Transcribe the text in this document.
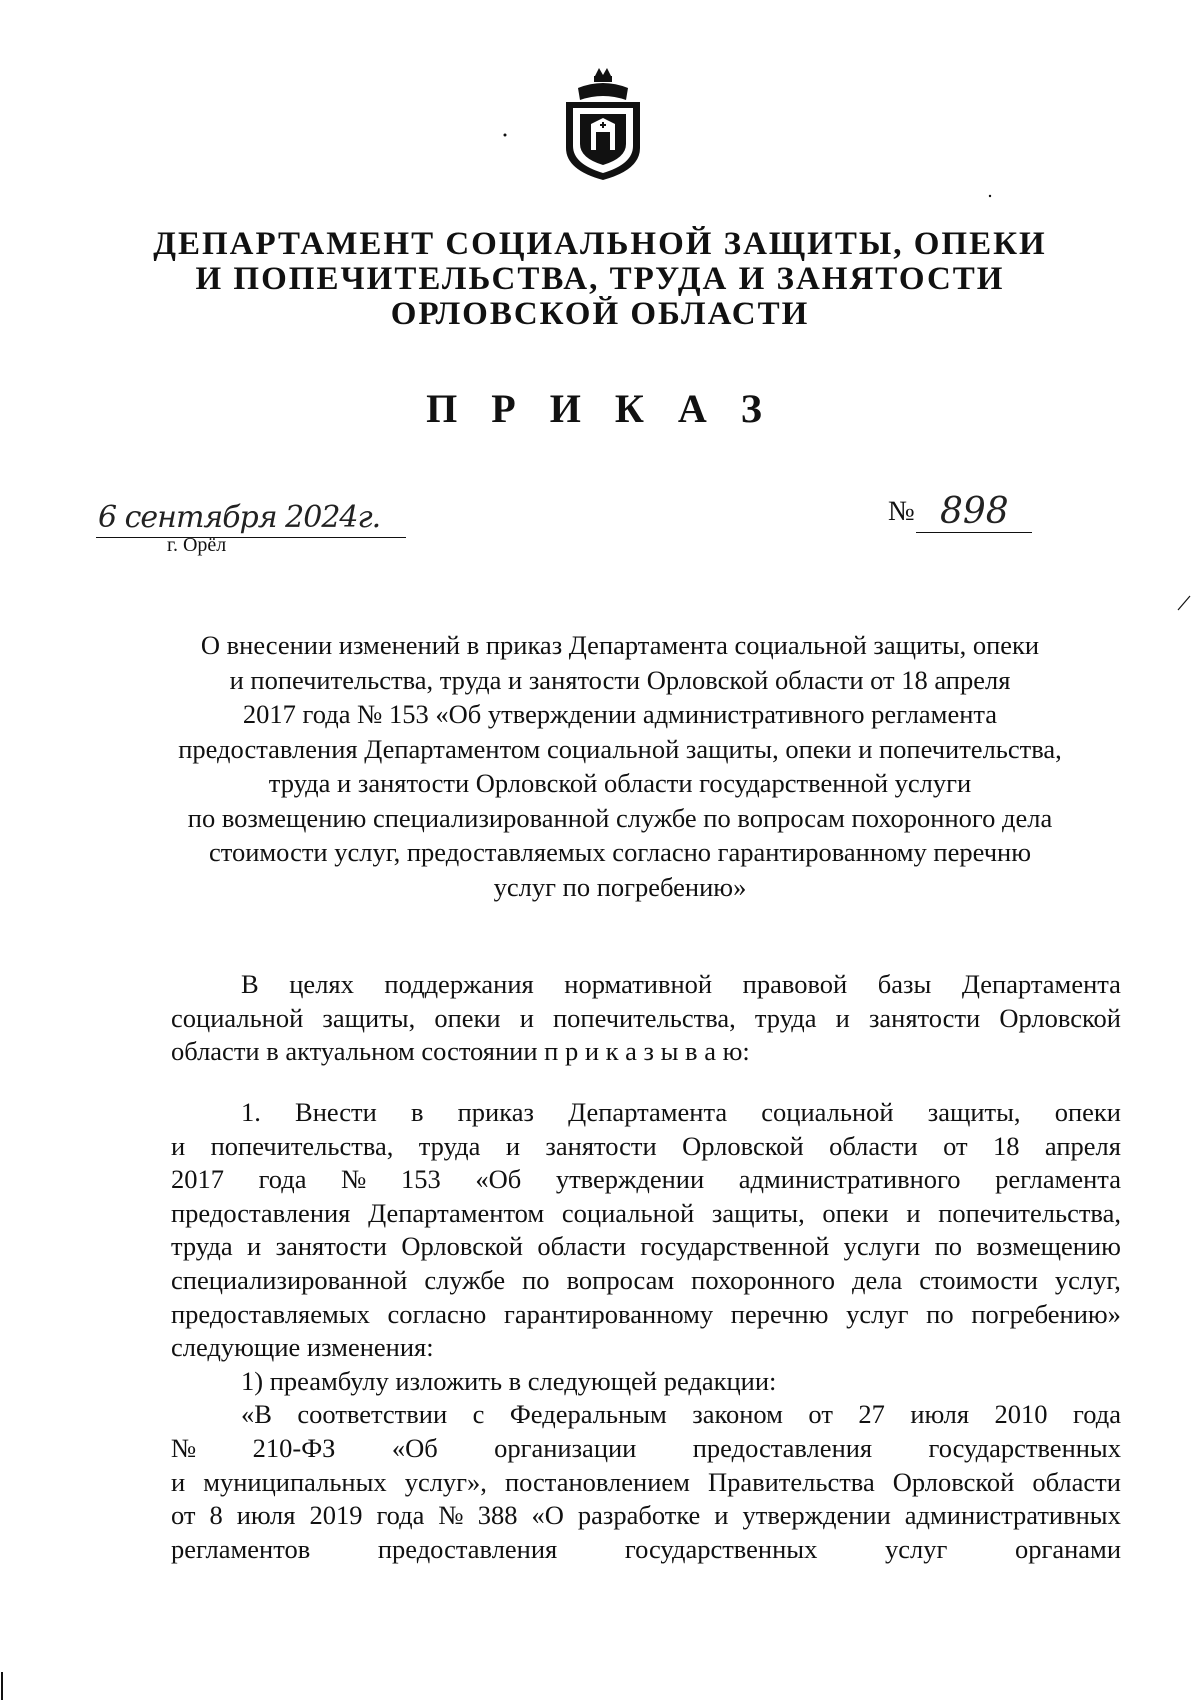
ДЕПАРТАМЕНТ СОЦИАЛЬНОЙ ЗАЩИТЫ, ОПЕКИ
И ПОПЕЧИТЕЛЬСТВА, ТРУДА И ЗАНЯТОСТИ
ОРЛОВСКОЙ ОБЛАСТИ
П Р И К А З
6 сентября 2024г.
г. Орёл
№ 898
О внесении изменений в приказ Департамента социальной защиты, опеки
и попечительства, труда и занятости Орловской области от 18 апреля
2017 года № 153 «Об утверждении административного регламента
предоставления Департаментом социальной защиты, опеки и попечительства,
труда и занятости Орловской области государственной услуги
по возмещению специализированной службе по вопросам похоронного дела
стоимости услуг, предоставляемых согласно гарантированному перечню
услуг по погребению»
В целях поддержания нормативной правовой базы Департамента
социальной защиты, опеки и попечительства, труда и занятости Орловской
области в актуальном состоянии п р и к а з ы в а ю:
1. Внести в приказ Департамента социальной защиты, опеки
и попечительства, труда и занятости Орловской области от 18 апреля
2017 года № 153 «Об утверждении административного регламента
предоставления Департаментом социальной защиты, опеки и попечительства,
труда и занятости Орловской области государственной услуги по возмещению
специализированной службе по вопросам похоронного дела стоимости услуг,
предоставляемых согласно гарантированному перечню услуг по погребению»
следующие изменения:
1) преамбулу изложить в следующей редакции:
«В соответствии с Федеральным законом от 27 июля 2010 года
№ 210-ФЗ «Об организации предоставления государственных
и муниципальных услуг», постановлением Правительства Орловской области
от 8 июля 2019 года № 388 «О разработке и утверждении административных
регламентов	предоставления	государственных	услуг	органами
